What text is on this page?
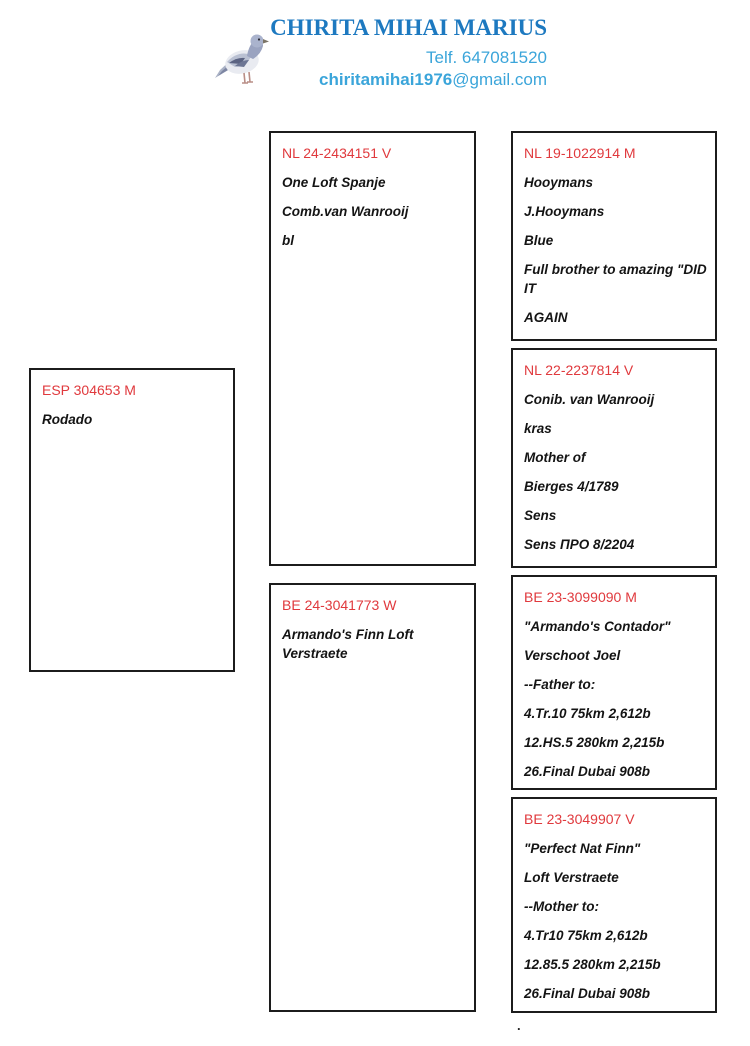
CHIRITA MIHAI MARIUS
Telf. 647081520
chiritamihai1976@gmail.com

ESP 304653 M

Rodado

NL 24-2434151 V

One Loft Spanje

Comb.van Wanrooij

bl

BE 24-3041773 W

Armando's Finn Loft Verstraete

NL 19-1022914 M

Hooymans

J.Hooymans

Blue

Full brother to amazing "DID IT

AGAIN

NL 22-2237814 V

Conib. van Wanrooij

kras

Mother of

Bierges 4/1789

Sens

Sens ПРО 8/2204

BE 23-3099090 M

"Armando's Contador"

Verschoot Joel

--Father to:

4.Tr.10 75km 2,612b

12.HS.5 280km 2,215b

26.Final Dubai 908b

BE 23-3049907 V

"Perfect Nat Finn"

Loft Verstraete

--Mother to:

4.Tr10 75km 2,612b

12.85.5 280km 2,215b

26.Final Dubai 908b

.
